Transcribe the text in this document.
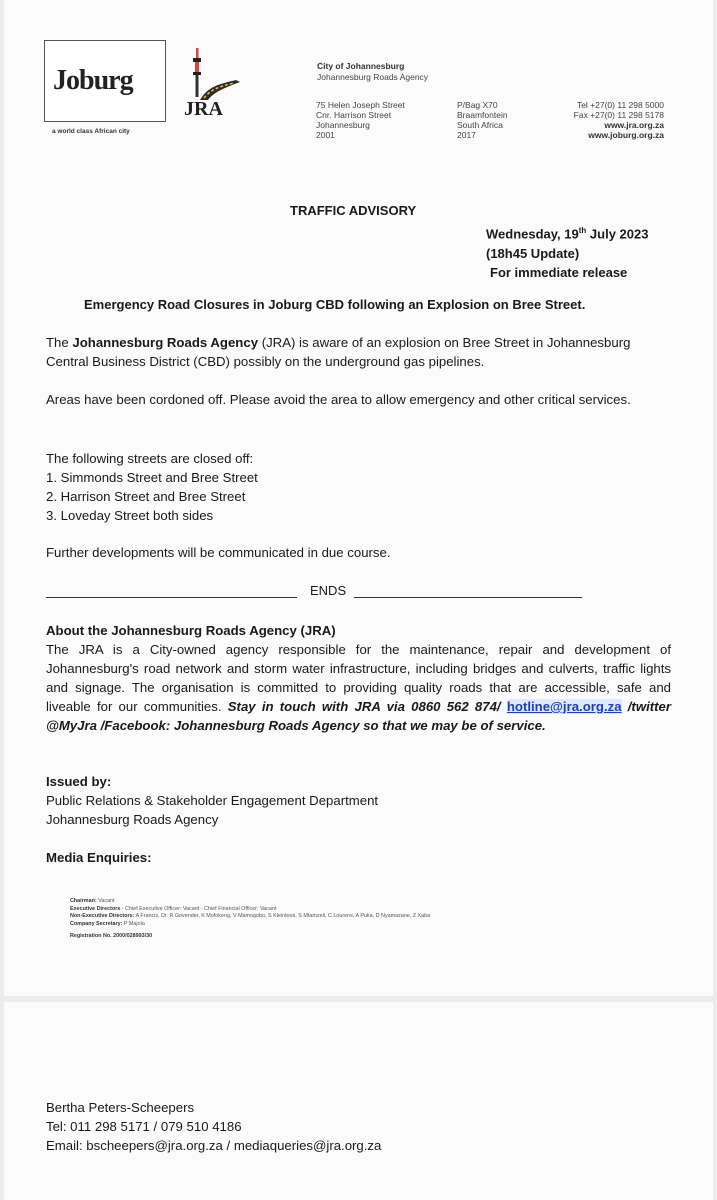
Joburg
a world class African city
JRA
City of Johannesburg
Johannesburg Roads Agency
75 Helen Joseph Street
Cnr. Harrison Street
Johannesburg
2001
P/Bag X70
Braamfontein
South Africa
2017
Tel +27(0) 11 298 5000
Fax +27(0) 11 298 5178
www.jra.org.za
www.joburg.org.za
TRAFFIC ADVISORY
Wednesday, 19th July 2023
(18h45 Update)
For immediate release
Emergency Road Closures in Joburg CBD following an Explosion on Bree Street.
The Johannesburg Roads Agency (JRA) is aware of an explosion on Bree Street in Johannesburg Central Business District (CBD) possibly on the underground gas pipelines.
Areas have been cordoned off. Please avoid the area to allow emergency and other critical services.
The following streets are closed off:
1. Simmonds Street and Bree Street
2. Harrison Street and Bree Street
3. Loveday Street both sides
Further developments will be communicated in due course.
ENDS
About the Johannesburg Roads Agency (JRA)
The JRA is a City-owned agency responsible for the maintenance, repair and development of Johannesburg's road network and storm water infrastructure, including bridges and culverts, traffic lights and signage. The organisation is committed to providing quality roads that are accessible, safe and liveable for our communities. Stay in touch with JRA via 0860 562 874/ hotline@jra.org.za /twitter @MyJra /Facebook: Johannesburg Roads Agency so that we may be of service.
Issued by:
Public Relations & Stakeholder Engagement Department
Johannesburg Roads Agency
Media Enquiries:
Chairman: Vacant
Executive Directors - Chief Executive Officer: Vacant - Chief Financial Officer: Vacant
Non-Executive Directors: A Francis, Dr. R Govender, K Mofokeng, V Mamogobo, S Kleinbooi, S Mtamzeli, C Lourens, A Puka, D Nyamazane, Z Xaba
Company Secretary: P Majola
Registration No. 2000/028993/30
Bertha Peters-Scheepers
Tel: 011 298 5171 / 079 510 4186
Email: bscheepers@jra.org.za / mediaqueries@jra.org.za
